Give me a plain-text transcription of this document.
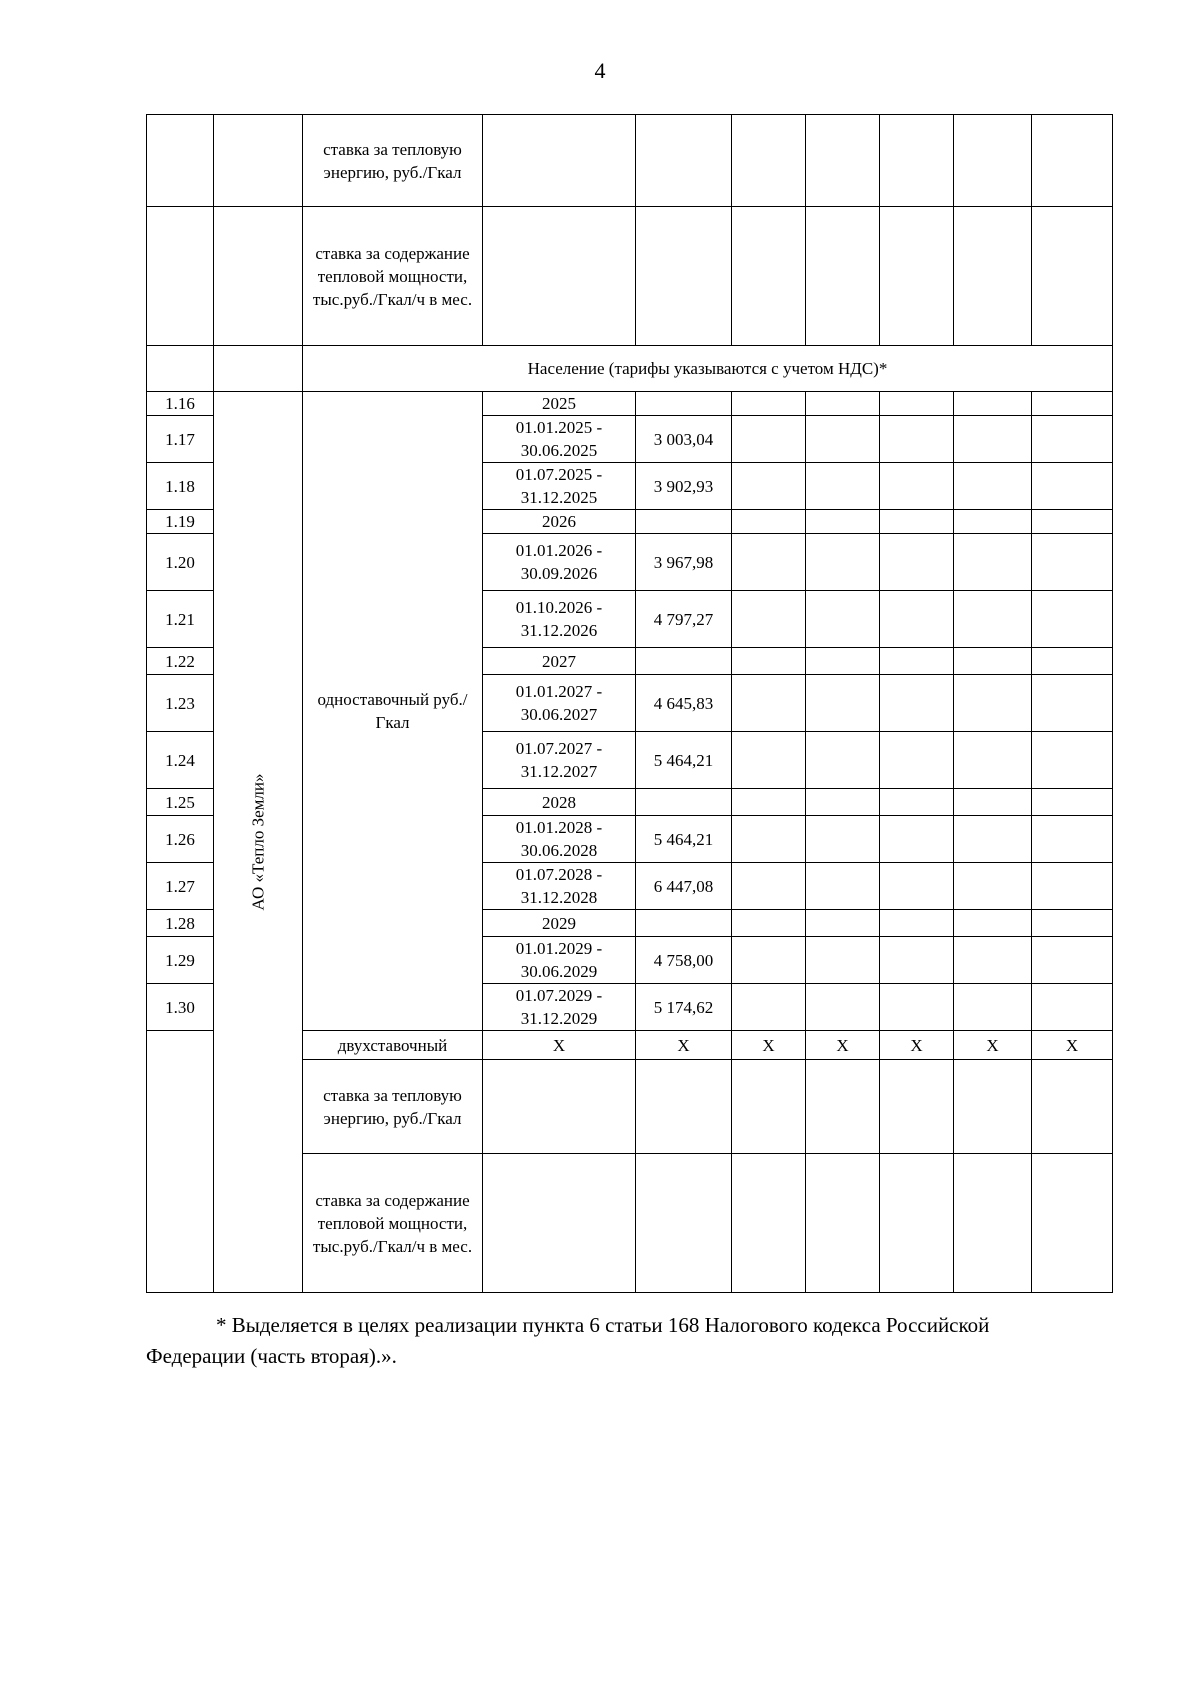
4
		ставка за тепловую энергию, руб./Гкал							
		ставка за содержание тепловой мощности, тыс.руб./Гкал/ч в мес.							
		Население (тарифы указываются с учетом НДС)*							
1.16	АО «Тепло Земли»	одноставочный руб./Гкал	2025						
1.17			01.01.2025 - 30.06.2025	3 003,04					
1.18			01.07.2025 - 31.12.2025	3 902,93					
1.19			2026						
1.20			01.01.2026 - 30.09.2026	3 967,98					
1.21			01.10.2026 - 31.12.2026	4 797,27					
1.22			2027						
1.23			01.01.2027 - 30.06.2027	4 645,83					
1.24			01.07.2027 - 31.12.2027	5 464,21					
1.25			2028						
1.26			01.01.2028 - 30.06.2028	5 464,21					
1.27			01.07.2028 - 31.12.2028	6 447,08					
1.28			2029						
1.29			01.01.2029 - 30.06.2029	4 758,00					
1.30			01.07.2029 - 31.12.2029	5 174,62					
		двухставочный	X	X	X	X	X	X	X
		ставка за тепловую энергию, руб./Гкал							
		ставка за содержание тепловой мощности, тыс.руб./Гкал/ч в мес.							
* Выделяется в целях реализации пункта 6 статьи 168 Налогового кодекса Российской
Федерации (часть вторая).».
